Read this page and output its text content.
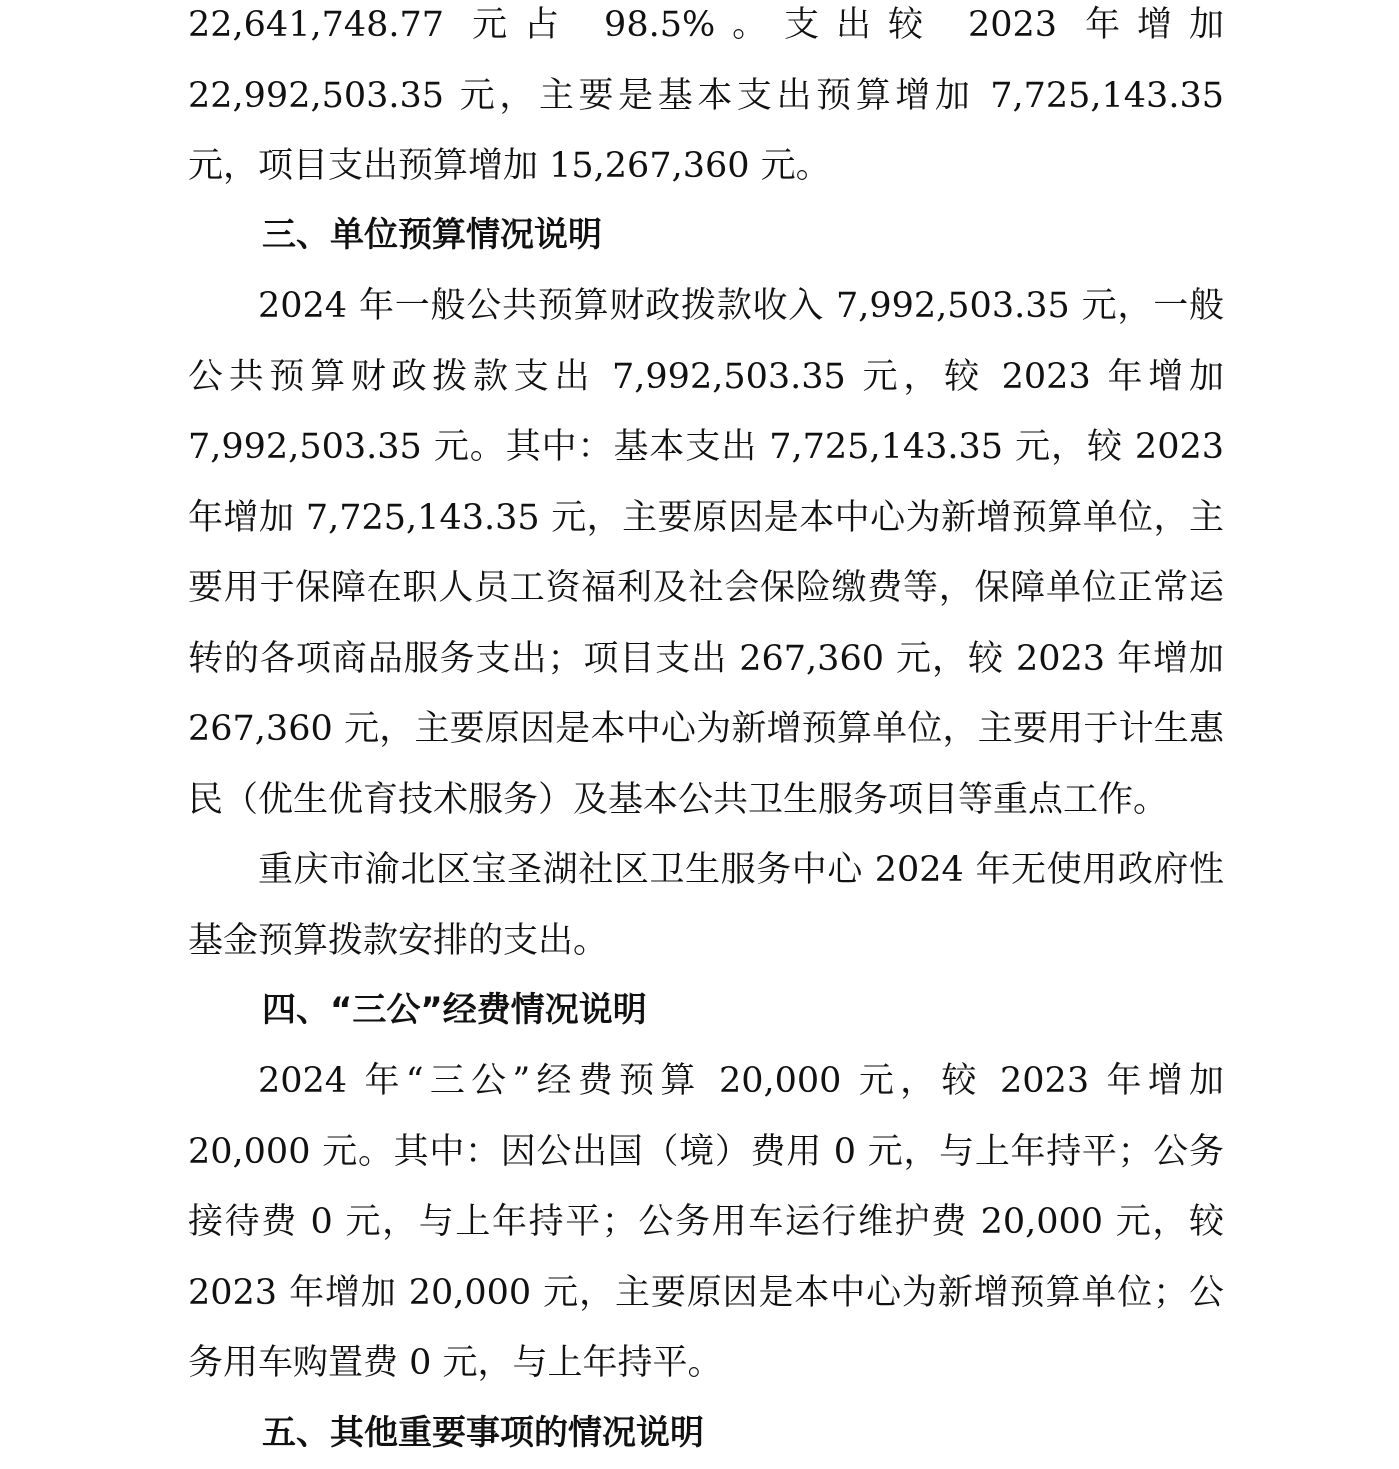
22,641,748.77 元占 98.5%。支出较 2023 年增加 22,992,503.35 元，主要是基本支出预算增加 7,725,143.35 元，项目支出预算增加 15,267,360 元。

三、单位预算情况说明

2024 年一般公共预算财政拨款收入 7,992,503.35 元，一般公共预算财政拨款支出 7,992,503.35 元，较 2023 年增加 7,992,503.35 元。其中：基本支出 7,725,143.35 元，较 2023 年增加 7,725,143.35 元，主要原因是本中心为新增预算单位，主要用于保障在职人员工资福利及社会保险缴费等，保障单位正常运转的各项商品服务支出；项目支出 267,360 元，较 2023 年增加 267,360 元，主要原因是本中心为新增预算单位，主要用于计生惠民（优生优育技术服务）及基本公共卫生服务项目等重点工作。

重庆市渝北区宝圣湖社区卫生服务中心 2024 年无使用政府性基金预算拨款安排的支出。

四、“三公”经费情况说明

2024 年“三公”经费预算 20,000 元，较 2023 年增加 20,000 元。其中：因公出国（境）费用 0 元，与上年持平；公务接待费 0 元，与上年持平；公务用车运行维护费 20,000 元，较 2023 年增加 20,000 元，主要原因是本中心为新增预算单位；公务用车购置费 0 元，与上年持平。

五、其他重要事项的情况说明
